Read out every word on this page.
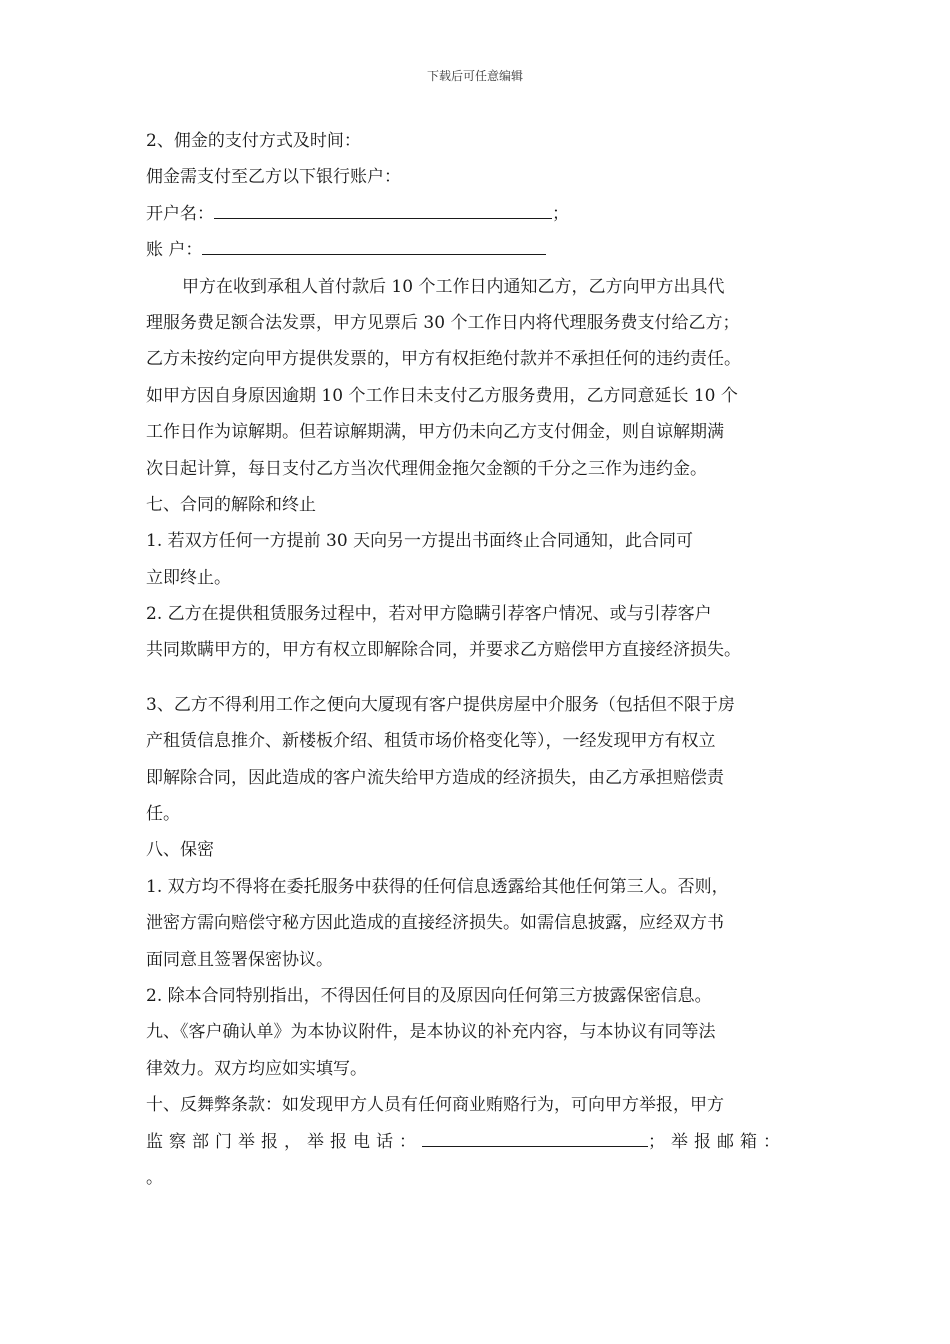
下载后可任意编辑
2、佣金的支付方式及时间：
佣金需支付至乙方以下银行账户：
开户名：	；
账 户：
甲方在收到承租人首付款后 10 个工作日内通知乙方，乙方向甲方出具代
理服务费足额合法发票，甲方见票后 30 个工作日内将代理服务费支付给乙方；
乙方未按约定向甲方提供发票的，甲方有权拒绝付款并不承担任何的违约责任。
如甲方因自身原因逾期 10 个工作日未支付乙方服务费用，乙方同意延长 10 个
工作日作为谅解期。但若谅解期满，甲方仍未向乙方支付佣金，则自谅解期满
次日起计算，每日支付乙方当次代理佣金拖欠金额的千分之三作为违约金。
七、合同的解除和终止
1. 若双方任何一方提前 30 天向另一方提出书面终止合同通知，此合同可
立即终止。
2. 乙方在提供租赁服务过程中，若对甲方隐瞒引荐客户情况、或与引荐客户
共同欺瞒甲方的，甲方有权立即解除合同，并要求乙方赔偿甲方直接经济损失。
3、乙方不得利用工作之便向大厦现有客户提供房屋中介服务（包括但不限于房
产租赁信息推介、新楼板介绍、租赁市场价格变化等），一经发现甲方有权立
即解除合同，因此造成的客户流失给甲方造成的经济损失，由乙方承担赔偿责
任。
八、保密
1. 双方均不得将在委托服务中获得的任何信息透露给其他任何第三人。否则，
泄密方需向赔偿守秘方因此造成的直接经济损失。如需信息披露，应经双方书
面同意且签署保密协议。
2. 除本合同特别指出，不得因任何目的及原因向任何第三方披露保密信息。
九、《客户确认单》为本协议附件，是本协议的补充内容，与本协议有同等法
律效力。双方均应如实填写。
十、反舞弊条款：如发现甲方人员有任何商业贿赂行为，可向甲方举报，甲方
监察部门举报，举报电话：	；举报邮箱：
。
